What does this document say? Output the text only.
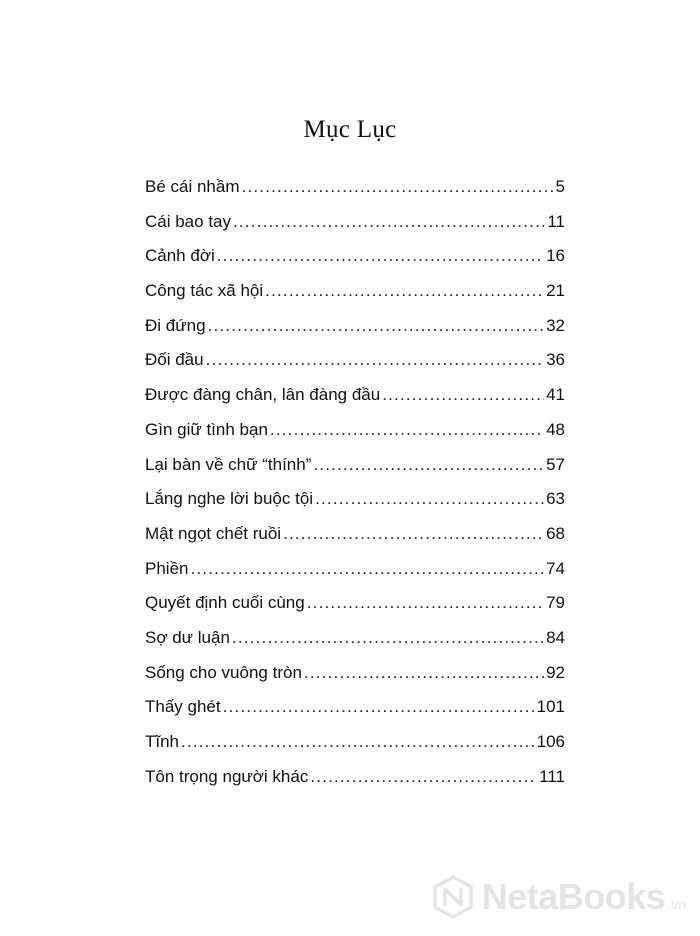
Mục Lục
Bé cái nhầm .....	5
Cái bao tay .....	11
Cảnh đời .....	16
Công tác xã hội .....	21
Đi đứng .....	32
Đối đầu .....	36
Được đàng chân, lân đàng đầu .....	41
Gìn giữ tình bạn .....	48
Lại bàn về chữ “thính” .....	57
Lắng nghe lời buộc tội .....	63
Mật ngọt chết ruồi .....	68
Phiền .....	74
Quyết định cuối cùng .....	79
Sợ dư luận .....	84
Sống cho vuông tròn .....	92
Thấy ghét .....	101
Tĩnh .....	106
Tôn trọng người khác .....	111
NetaBooks .vn
